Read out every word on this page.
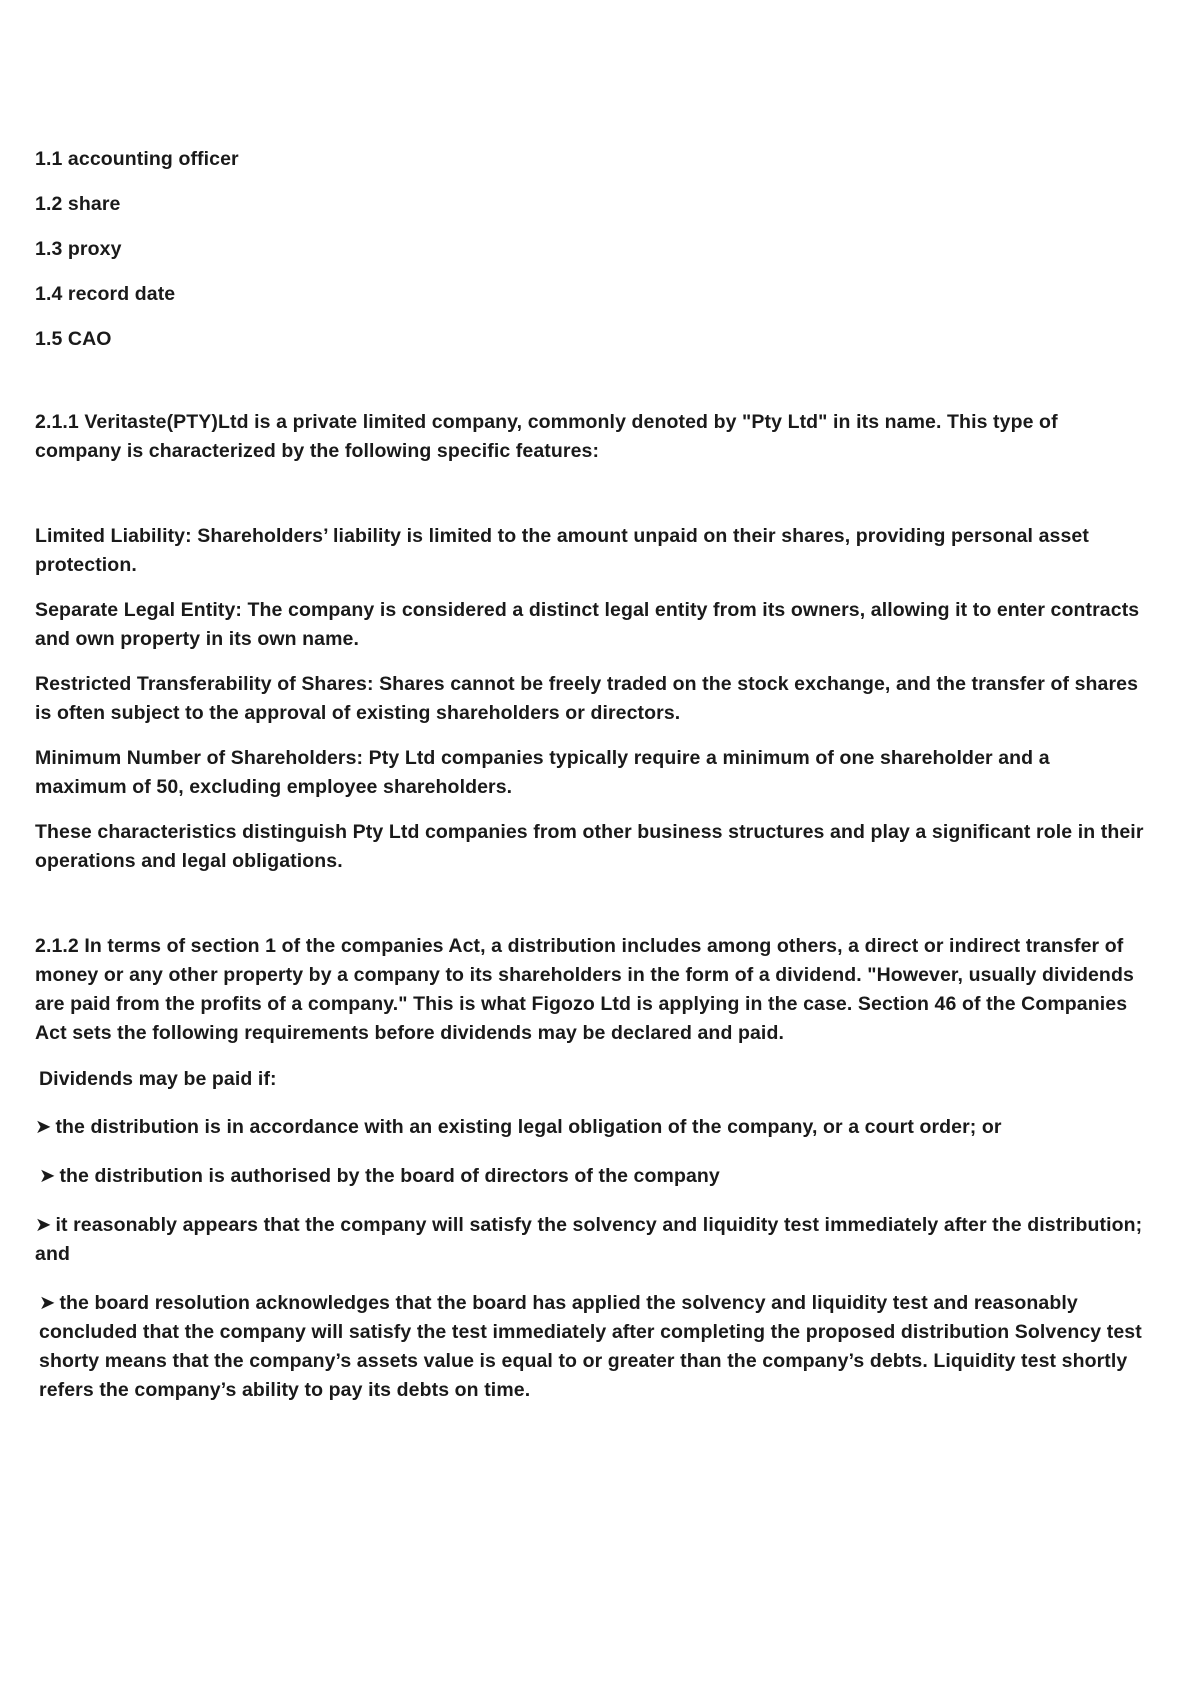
1.1 accounting officer

1.2 share

1.3 proxy

1.4 record date

1.5 CAO

2.1.1 Veritaste(PTY)Ltd is a private limited company, commonly denoted by "Pty Ltd" in its name. This type of company is characterized by the following specific features:

Limited Liability: Shareholders’ liability is limited to the amount unpaid on their shares, providing personal asset protection.

Separate Legal Entity: The company is considered a distinct legal entity from its owners, allowing it to enter contracts and own property in its own name.

Restricted Transferability of Shares: Shares cannot be freely traded on the stock exchange, and the transfer of shares is often subject to the approval of existing shareholders or directors.

Minimum Number of Shareholders: Pty Ltd companies typically require a minimum of one shareholder and a maximum of 50, excluding employee shareholders.

These characteristics distinguish Pty Ltd companies from other business structures and play a significant role in their operations and legal obligations.

2.1.2 In terms of section 1 of the companies Act, a distribution includes among others, a direct or indirect transfer of money or any other property by a company to its shareholders in the form of a dividend. "However, usually dividends are paid from the profits of a company." This is what Figozo Ltd is applying in the case. Section 46 of the Companies Act sets the following requirements before dividends may be declared and paid.

Dividends may be paid if:

➤ the distribution is in accordance with an existing legal obligation of the company, or a court order; or

➤ the distribution is authorised by the board of directors of the company

➤ it reasonably appears that the company will satisfy the solvency and liquidity test immediately after the distribution; and

➤ the board resolution acknowledges that the board has applied the solvency and liquidity test and reasonably concluded that the company will satisfy the test immediately after completing the proposed distribution Solvency test shorty means that the company’s assets value is equal to or greater than the company’s debts. Liquidity test shortly refers the company’s ability to pay its debts on time.
